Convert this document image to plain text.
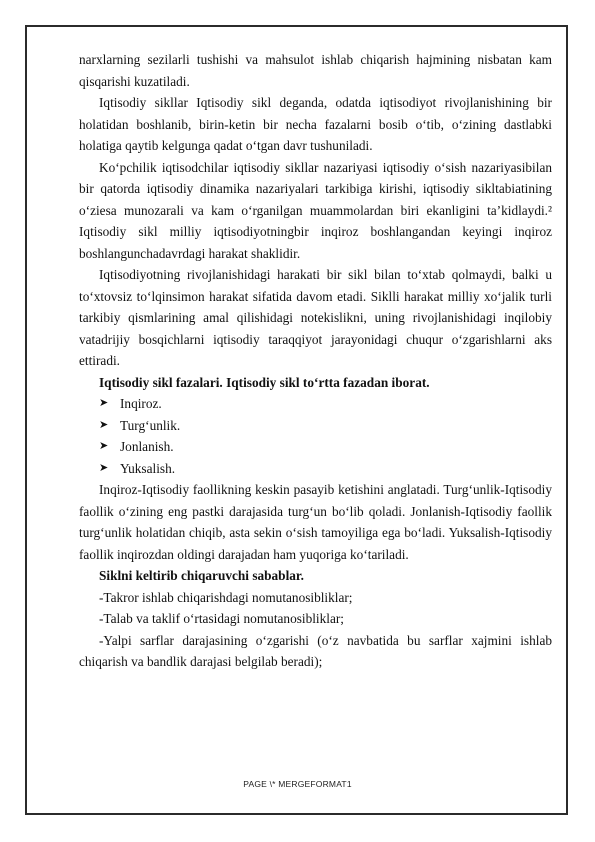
narxlarning sezilarli tushishi va mahsulot ishlab chiqarish hajmining nisbatan kam qisqarishi kuzatiladi.

Iqtisodiy sikllar Iqtisodiy sikl deganda, odatda iqtisodiyot rivojlanishining bir holatidan boshlanib, birin-ketin bir necha fazalarni bosib o‘tib, o‘zining dastlabki holatiga qaytib kelgunga qadat o‘tgan davr tushuniladi.

Ko‘pchilik iqtisodchilar iqtisodiy sikllar nazariyasi iqtisodiy o‘sish nazariyasibilan bir qatorda iqtisodiy dinamika nazariyalari tarkibiga kirishi, iqtisodiy sikltabiatining o‘ziesa munozarali va kam o‘rganilgan muammolardan biri ekanligini ta’kidlaydi.² Iqtisodiy sikl milliy iqtisodiyotningbir inqiroz boshlangandan keyingi inqiroz boshlangunchadavrdagi harakat shaklidir.

Iqtisodiyotning rivojlanishidagi harakati bir sikl bilan to‘xtab qolmaydi, balki u to‘xtovsiz to‘lqinsimon harakat sifatida davom etadi. Siklli harakat milliy xo‘jalik turli tarkibiy qismlarining amal qilishidagi notekislikni, uning rivojlanishidagi inqilobiy vatadrijiy bosqichlarni iqtisodiy taraqqiyot jarayonidagi chuqur o‘zgarishlarni aks ettiradi.

Iqtisodiy sikl fazalari. Iqtisodiy sikl to‘rtta fazadan iborat.

➤ Inqiroz.
➤ Turg‘unlik.
➤ Jonlanish.
➤ Yuksalish.

Inqiroz-Iqtisodiy faollikning keskin pasayib ketishini anglatadi. Turg‘unlik-Iqtisodiy faollik o‘zining eng pastki darajasida turg‘un bo‘lib qoladi. Jonlanish-Iqtisodiy faollik turg‘unlik holatidan chiqib, asta sekin o‘sish tamoyiliga ega bo‘ladi. Yuksalish-Iqtisodiy faollik inqirozdan oldingi darajadan ham yuqoriga ko‘tariladi.

Siklni keltirib chiqaruvchi sabablar.

-Takror ishlab chiqarishdagi nomutanosibliklar;

-Talab va taklif o‘rtasidagi nomutanosibliklar;

-Yalpi sarflar darajasining o‘zgarishi (o‘z navbatida bu sarflar xajmini ishlab chiqarish va bandlik darajasi belgilab beradi);

PAGE \* MERGEFORMAT1
